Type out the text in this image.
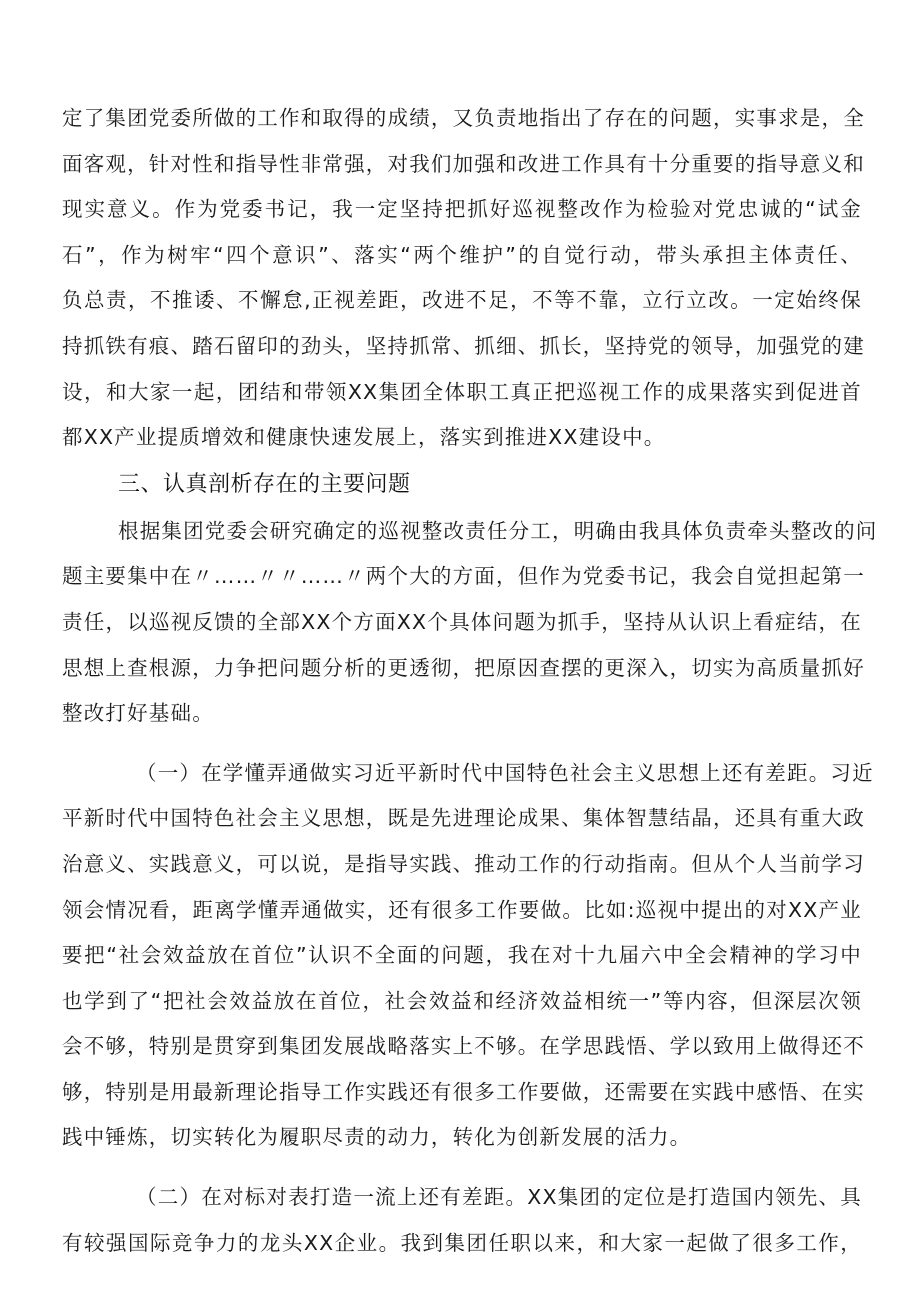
定了集团党委所做的工作和取得的成绩，又负责地指出了存在的问题，实事求是，全
面客观，针对性和指导性非常强，对我们加强和改进工作具有十分重要的指导意义和
现实意义。作为党委书记，我一定坚持把抓好巡视整改作为检验对党忠诚的“试金
石”，作为树牢“四个意识”、落实“两个维护”的自觉行动，带头承担主体责任、
负总责，不推诿、不懈怠,正视差距，改进不足，不等不靠，立行立改。一定始终保
持抓铁有痕、踏石留印的劲头，坚持抓常、抓细、抓长，坚持党的领导，加强党的建
设，和大家一起，团结和带领XX集团全体职工真正把巡视工作的成果落实到促进首
都XX产业提质增效和健康快速发展上，落实到推进XX建设中。
三、认真剖析存在的主要问题
根据集团党委会研究确定的巡视整改责任分工，明确由我具体负责牵头整改的问
题主要集中在〃……〃〃……〃两个大的方面，但作为党委书记，我会自觉担起第一
责任，以巡视反馈的全部XX个方面XX个具体问题为抓手，坚持从认识上看症结，在
思想上查根源，力争把问题分析的更透彻，把原因查摆的更深入，切实为高质量抓好
整改打好基础。
（一）在学懂弄通做实习近平新时代中国特色社会主义思想上还有差距。习近
平新时代中国特色社会主义思想，既是先进理论成果、集体智慧结晶，还具有重大政
治意义、实践意义，可以说，是指导实践、推动工作的行动指南。但从个人当前学习
领会情况看，距离学懂弄通做实，还有很多工作要做。比如:巡视中提出的对XX产业
要把“社会效益放在首位”认识不全面的问题，我在对十九届六中全会精神的学习中
也学到了“把社会效益放在首位，社会效益和经济效益相统一”等内容，但深层次领
会不够，特别是贯穿到集团发展战略落实上不够。在学思践悟、学以致用上做得还不
够，特别是用最新理论指导工作实践还有很多工作要做，还需要在实践中感悟、在实
践中锤炼，切实转化为履职尽责的动力，转化为创新发展的活力。
（二）在对标对表打造一流上还有差距。XX集团的定位是打造国内领先、具
有较强国际竞争力的龙头XX企业。我到集团任职以来，和大家一起做了很多工作，
